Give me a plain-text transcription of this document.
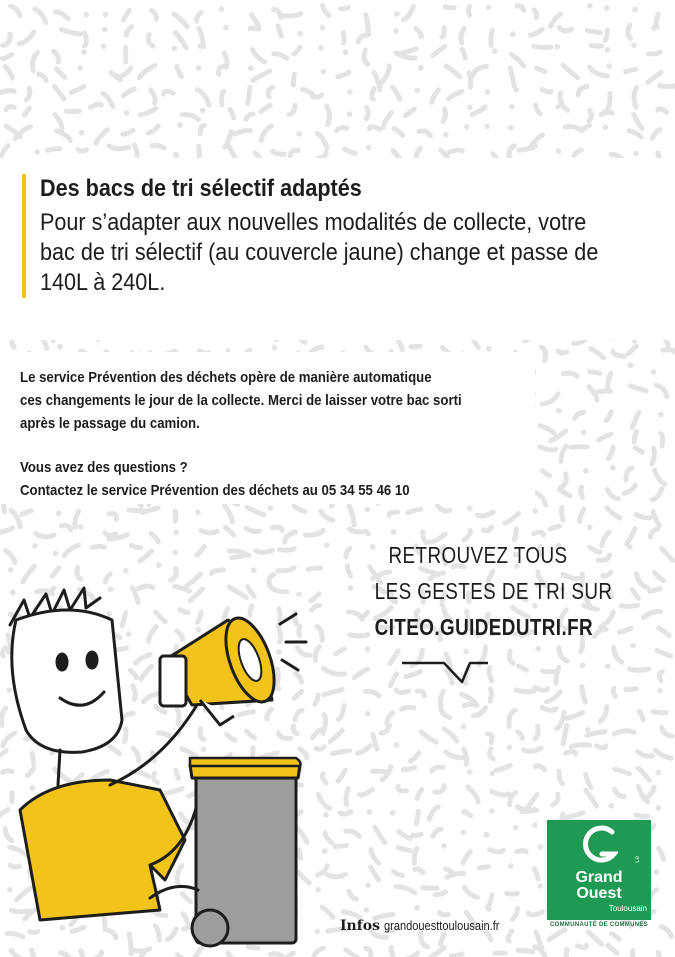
Des bacs de tri sélectif adaptés
Pour s’adapter aux nouvelles modalités de collecte, votre bac de tri sélectif (au couvercle jaune) change et passe de 140L à 240L.

Le service Prévention des déchets opère de manière automatique

ces changements le jour de la collecte. Merci de laisser votre bac sorti

après le passage du camion.

Vous avez des questions ?

Contactez le service Prévention des déchets au 05 34 55 46 10

RETROUVEZ TOUS
LES GESTES DE TRI SUR
CITEO.GUIDEDUTRI.FR
Le
Grand
Ouest
Toulousain
COMMUNAUTÉ DE COMMUNES
Infos grandouesttoulousain.fr
